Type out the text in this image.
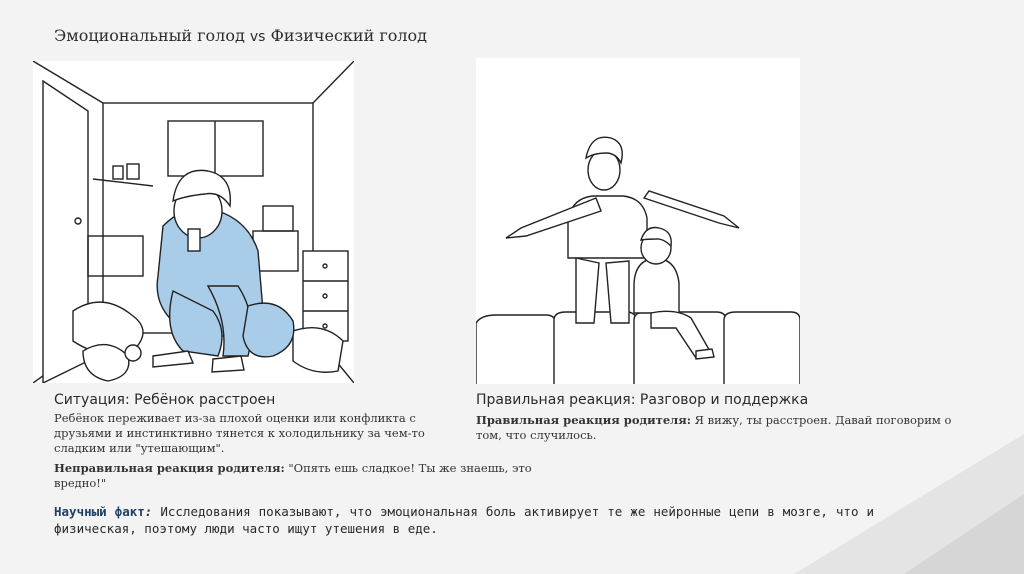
Эмоциональный голод vs Физический голод
Ситуация: Ребёнок расстроен
Ребёнок переживает из-за плохой оценки или конфликта с друзьями и инстинктивно тянется к холодильнику за чем-то сладким или "утешающим".
Неправильная реакция родителя: "Опять ешь сладкое! Ты же знаешь, это вредно!"
Правильная реакция: Разговор и поддержка
Правильная реакция родителя: Я вижу, ты расстроен. Давай поговорим о том, что случилось.
Научный факт: Исследования показывают, что эмоциональная боль активирует те же нейронные цепи в мозге, что и физическая, поэтому люди часто ищут утешения в еде.
